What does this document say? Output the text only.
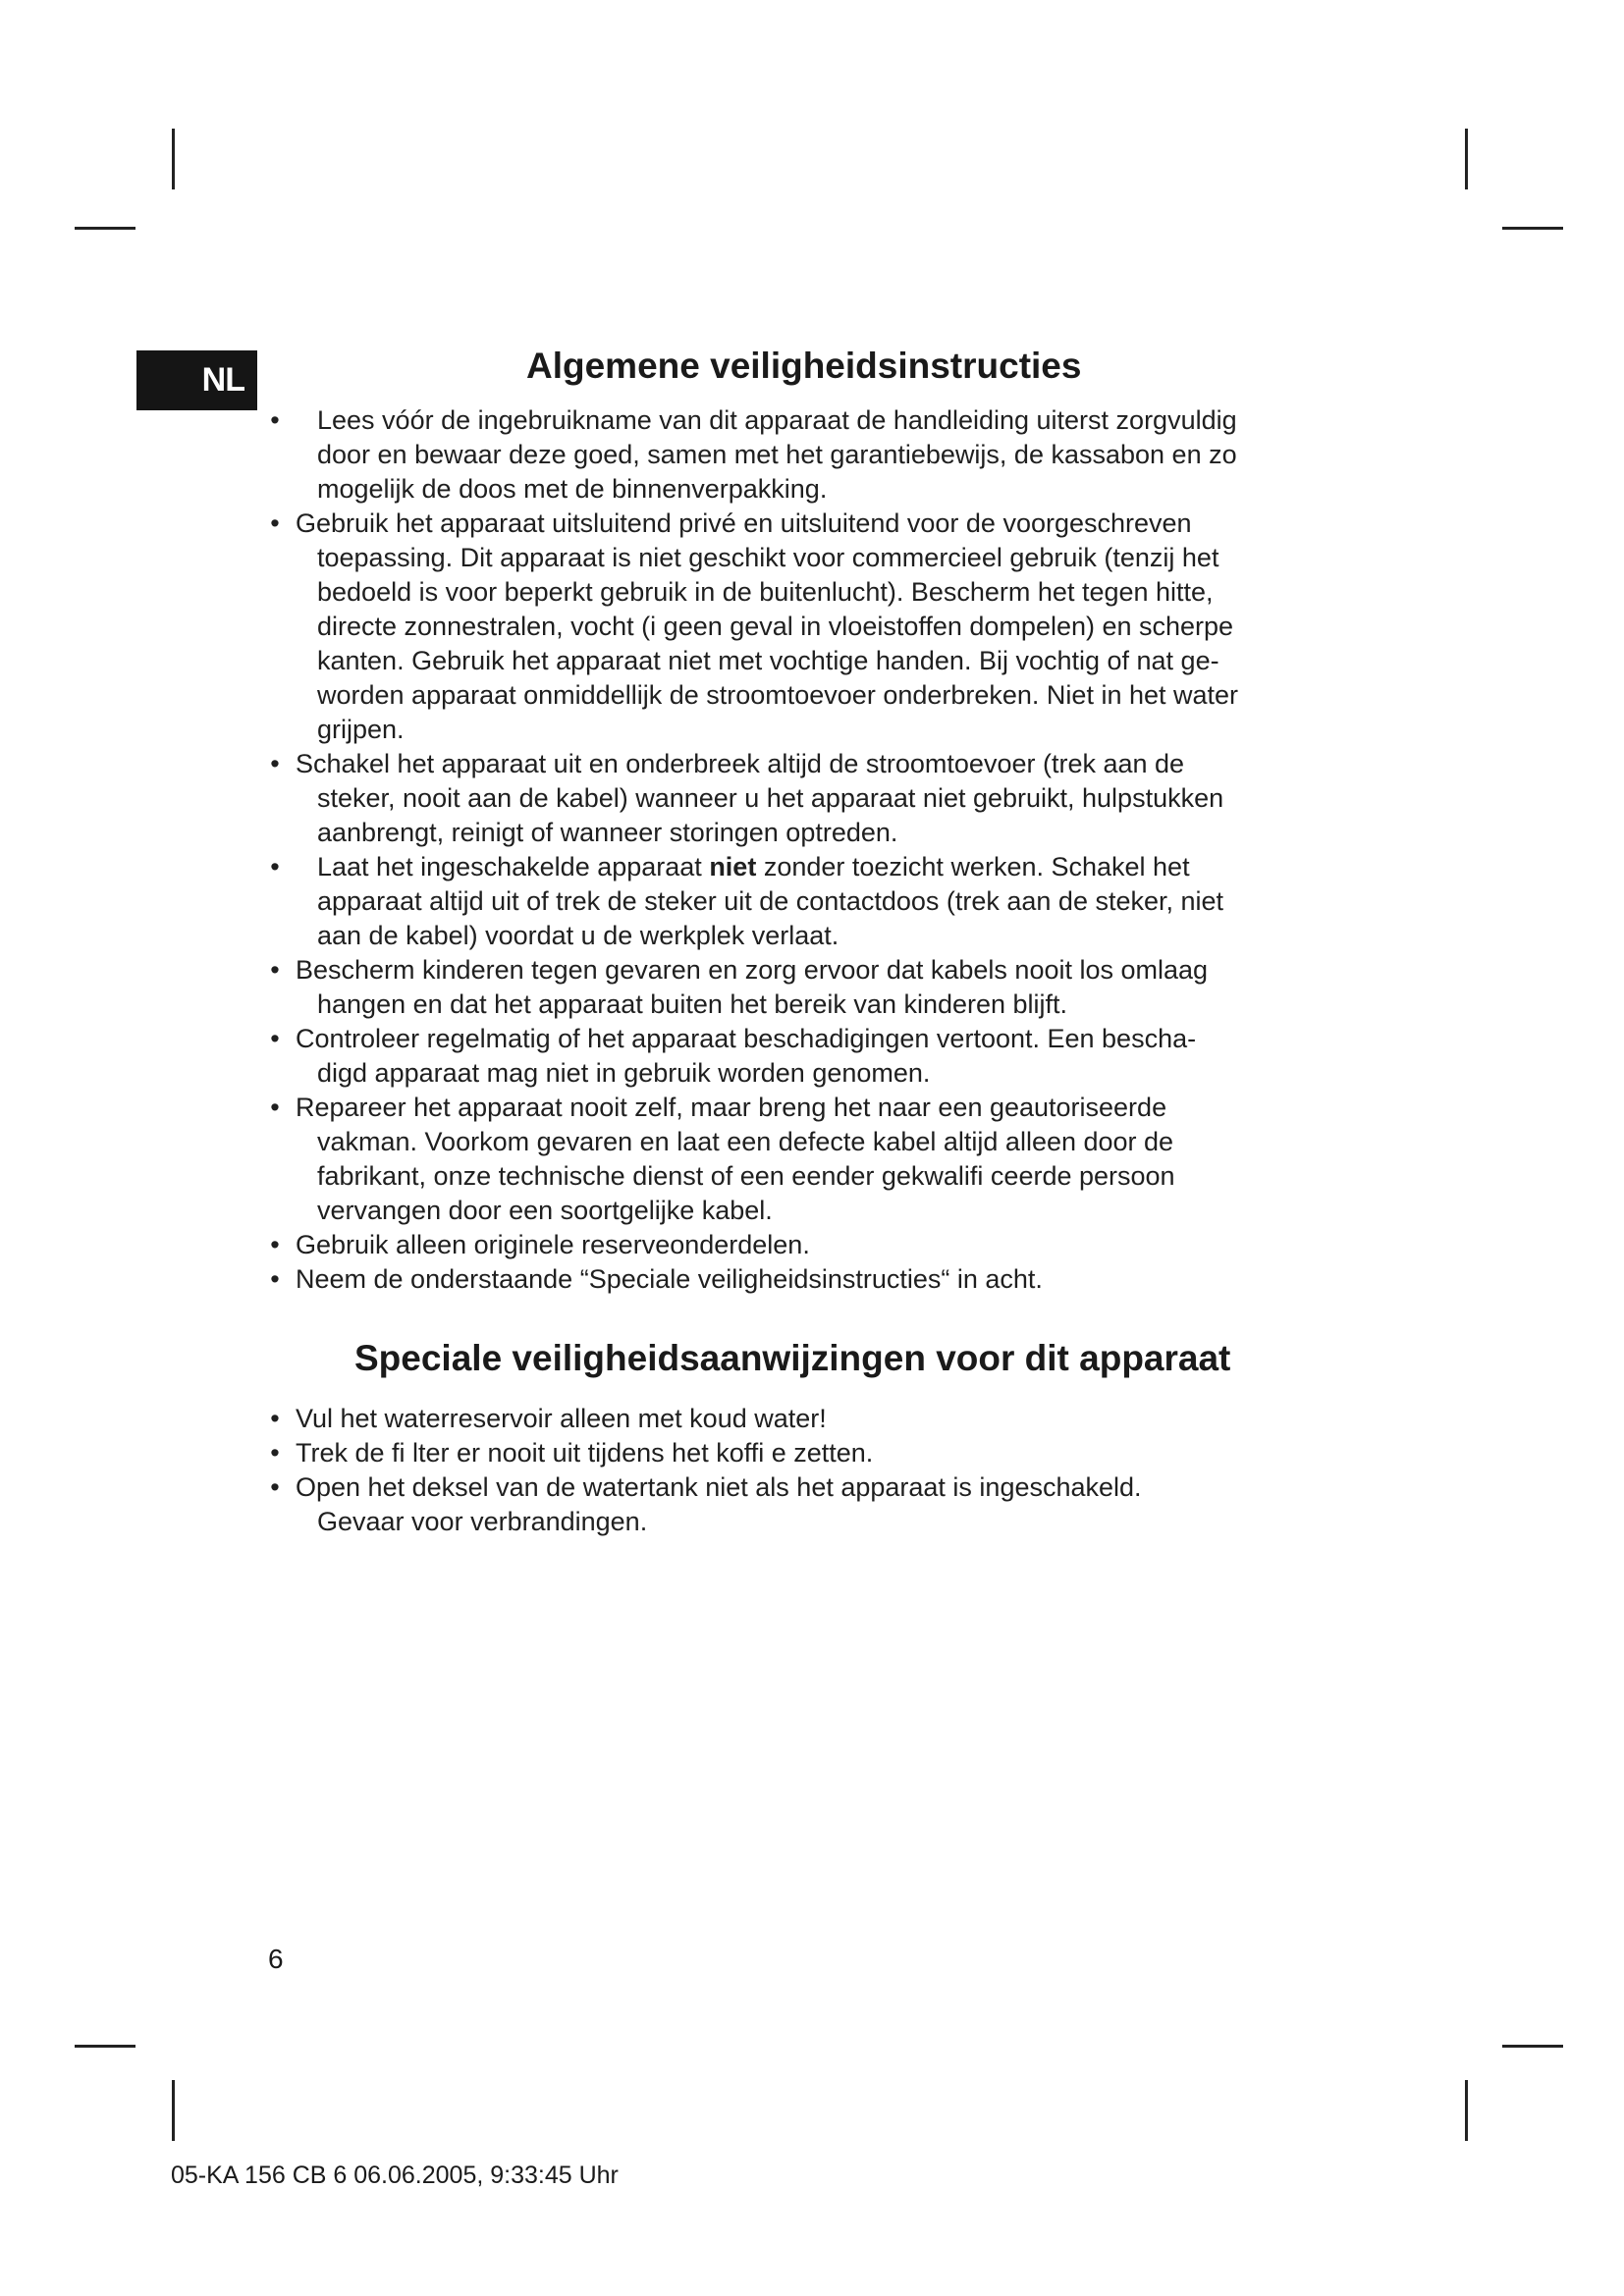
NL	Algemene veiligheidsinstructies
• Lees vóór de ingebruikname van dit apparaat de handleiding uiterst zorgvuldig
door en bewaar deze goed, samen met het garantiebewijs, de kassabon en zo
mogelijk de doos met de binnenverpakking.
• Gebruik het apparaat uitsluitend privé en uitsluitend voor de voorgeschreven
toepassing. Dit apparaat is niet geschikt voor commercieel gebruik (tenzij het
bedoeld is voor beperkt gebruik in de buitenlucht). Bescherm het tegen hitte,
directe zonnestralen, vocht (i geen geval in vloeistoffen dompelen) en scherpe
kanten. Gebruik het apparaat niet met vochtige handen. Bij vochtig of nat ge-
worden apparaat onmiddellijk de stroomtoevoer onderbreken. Niet in het water
grijpen.
• Schakel het apparaat uit en onderbreek altijd de stroomtoevoer (trek aan de
steker, nooit aan de kabel) wanneer u het apparaat niet gebruikt, hulpstukken
aanbrengt, reinigt of wanneer storingen optreden.
• Laat het ingeschakelde apparaat niet zonder toezicht werken. Schakel het
apparaat altijd uit of trek de steker uit de contactdoos (trek aan de steker, niet
aan de kabel) voordat u de werkplek verlaat.
• Bescherm kinderen tegen gevaren en zorg ervoor dat kabels nooit los omlaag
hangen en dat het apparaat buiten het bereik van kinderen blijft.
• Controleer regelmatig of het apparaat beschadigingen vertoont. Een bescha-
digd apparaat mag niet in gebruik worden genomen.
• Repareer het apparaat nooit zelf, maar breng het naar een geautoriseerde
vakman. Voorkom gevaren en laat een defecte kabel altijd alleen door de
fabrikant, onze technische dienst of een eender gekwalifi ceerde persoon
vervangen door een soortgelijke kabel.
• Gebruik alleen originele reserveonderdelen.
• Neem de onderstaande “Speciale veiligheidsinstructies“ in acht.
Speciale veiligheidsaanwijzingen voor dit apparaat
• Vul het waterreservoir alleen met koud water!
• Trek de fi lter er nooit uit tijdens het koffi e zetten.
• Open het deksel van de watertank niet als het apparaat is ingeschakeld.
Gevaar voor verbrandingen.
6
05-KA 156 CB 6 06.06.2005, 9:33:45 Uhr
